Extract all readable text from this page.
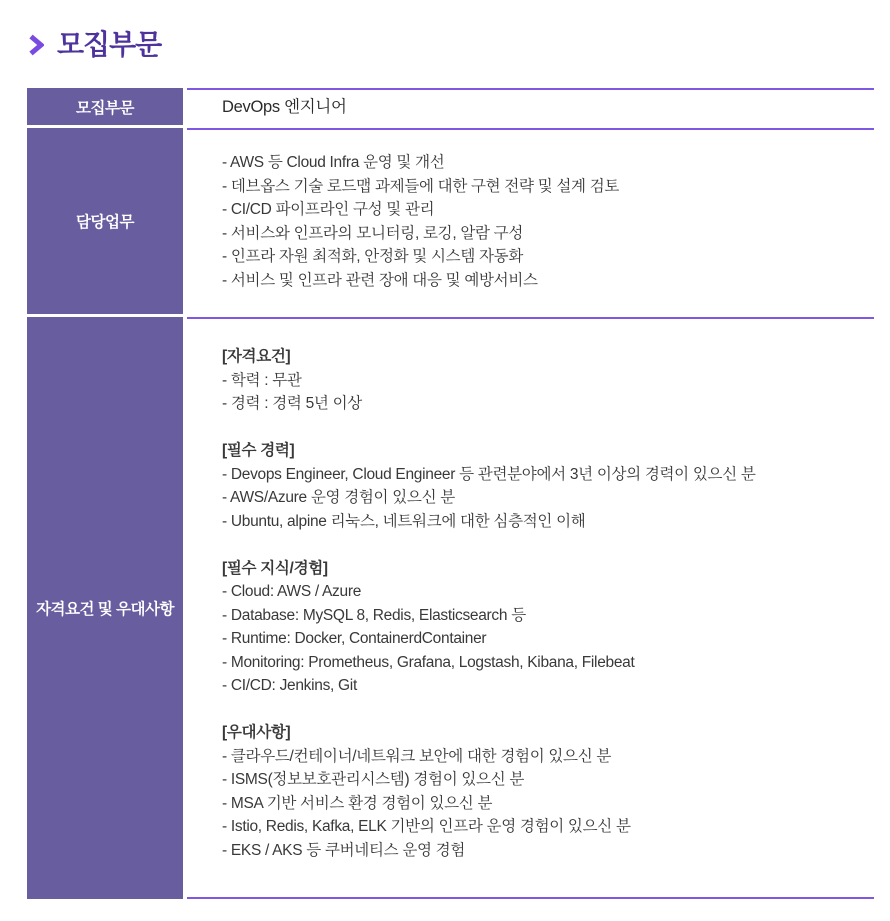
모집부문
모집부문	DevOps 엔지니어
담당업무
- AWS 등 Cloud Infra 운영 및 개선
- 데브옵스 기술 로드맵 과제들에 대한 구현 전략 및 설계 검토
- CI/CD 파이프라인 구성 및 관리
- 서비스와 인프라의 모니터링, 로깅, 알람 구성
- 인프라 자원 최적화, 안정화 및 시스템 자동화
- 서비스 및 인프라 관련 장애 대응 및 예방서비스
자격요건 및 우대사항
[자격요건]
- 학력 : 무관
- 경력 : 경력 5년 이상
[필수 경력]
- Devops Engineer, Cloud Engineer 등 관련분야에서 3년 이상의 경력이 있으신 분
- AWS/Azure 운영 경험이 있으신 분
- Ubuntu, alpine 리눅스, 네트워크에 대한 심층적인 이해
[필수 지식/경험]
- Cloud: AWS / Azure
- Database: MySQL 8, Redis, Elasticsearch 등
- Runtime: Docker, ContainerdContainer
- Monitoring: Prometheus, Grafana, Logstash, Kibana, Filebeat
- CI/CD: Jenkins, Git
[우대사항]
- 클라우드/컨테이너/네트워크 보안에 대한 경험이 있으신 분
- ISMS(정보보호관리시스템) 경험이 있으신 분
- MSA 기반 서비스 환경 경험이 있으신 분
- Istio, Redis, Kafka, ELK 기반의 인프라 운영 경험이 있으신 분
- EKS / AKS 등 쿠버네티스 운영 경험
